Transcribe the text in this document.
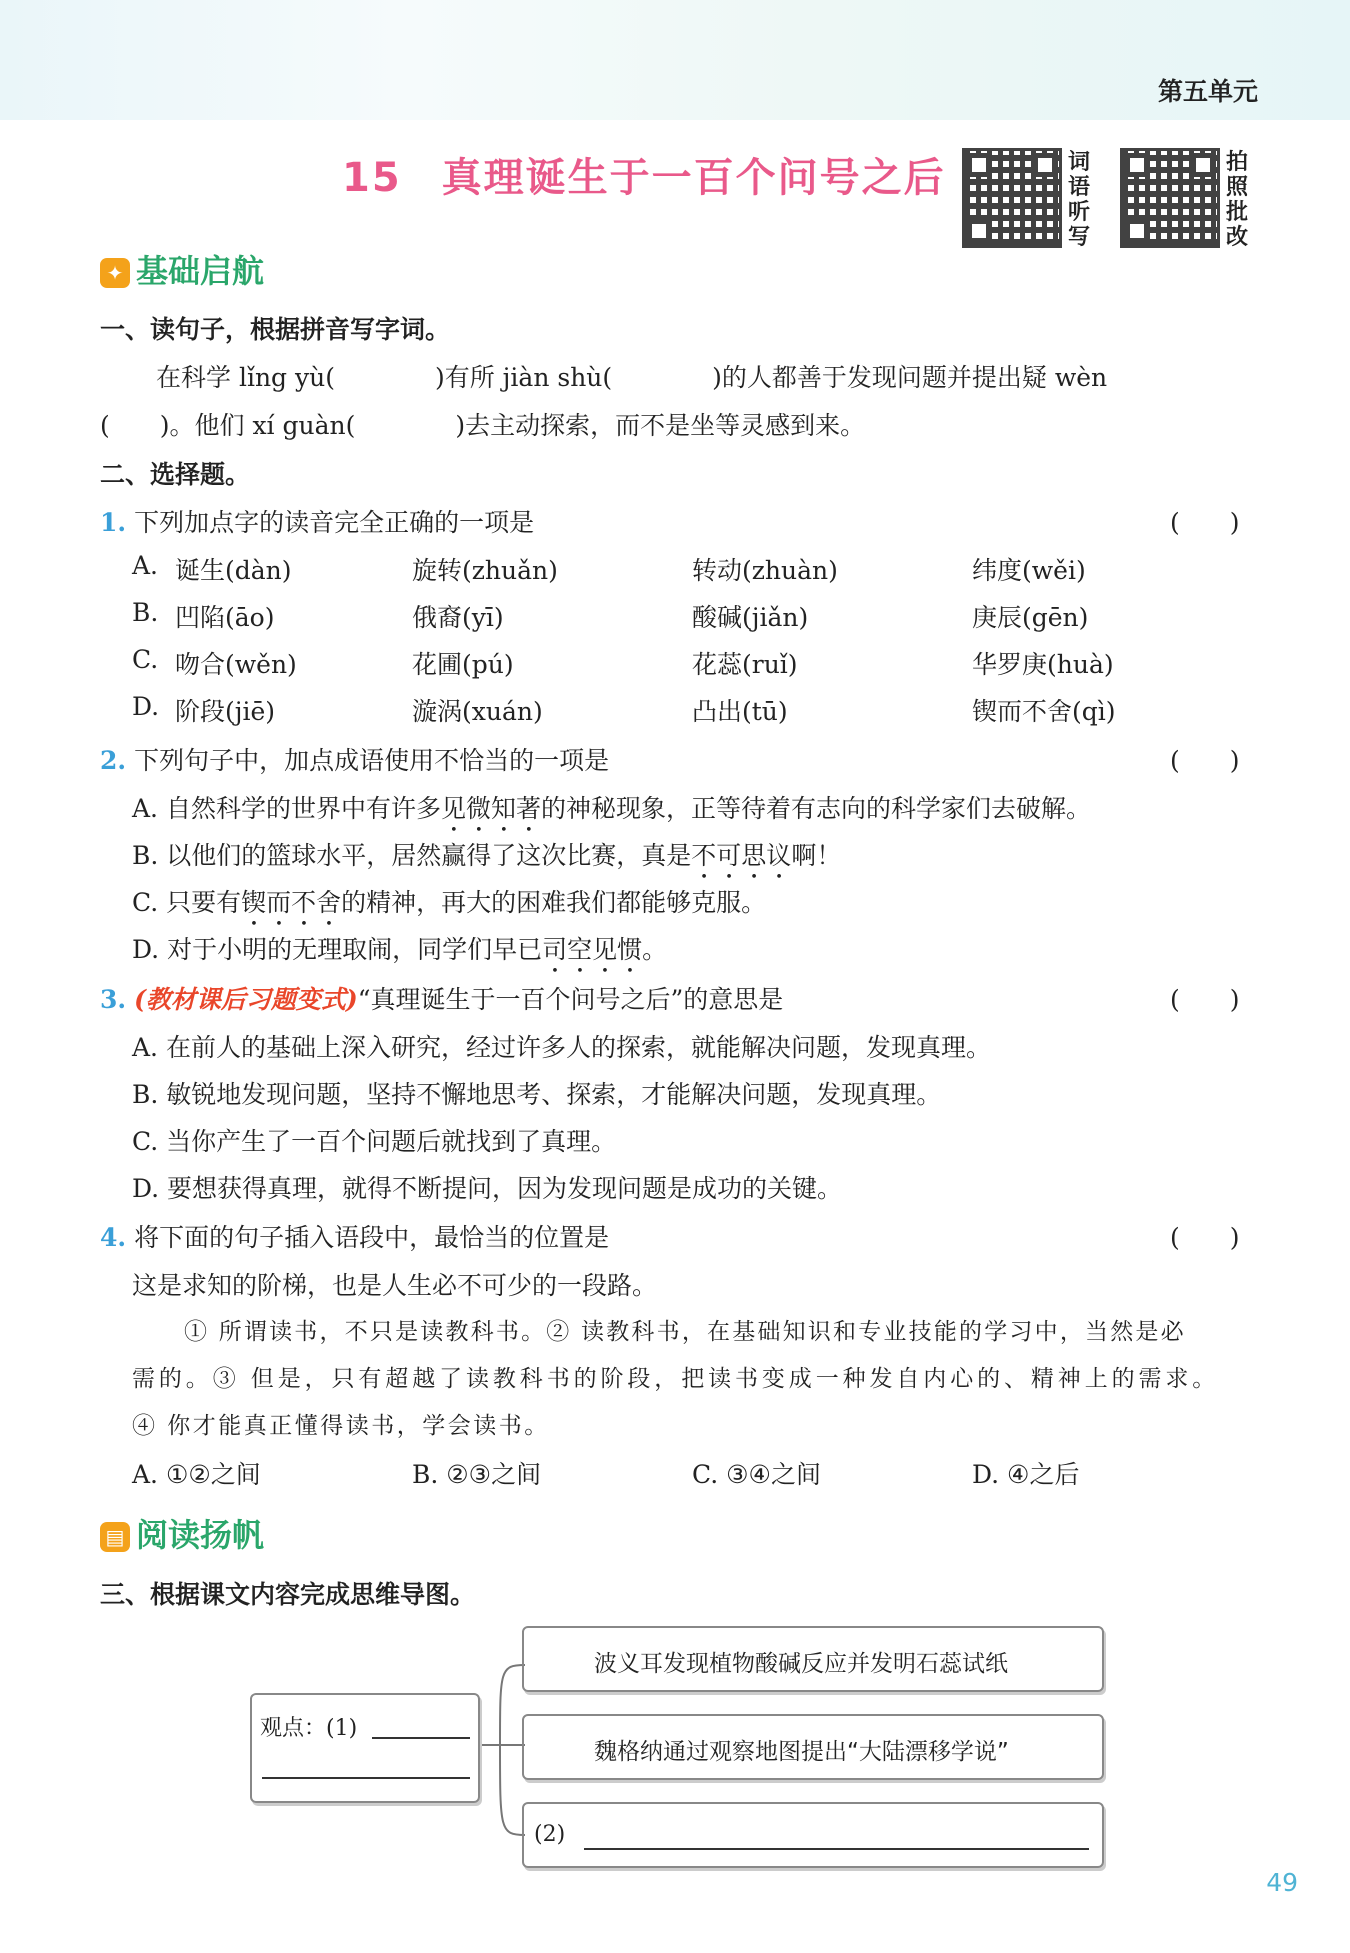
第五单元
15 真理诞生于一百个问号之后	词语听写
拍照批改
✦ 基础启航
一、读句子，根据拼音写字词。
在科学 lǐng yù(　　　　)有所 jiàn shù(　　　　)的人都善于发现问题并提出疑 wèn
(　　)。他们 xí guàn(　　　　)去主动探索，而不是坐等灵感到来。
二、选择题。
1. 下列加点字的读音完全正确的一项是	(　　)
A. 诞生(dàn)	旋转(zhuǎn)	转动(zhuàn)	纬度(wěi)
B. 凹陷(āo)	俄裔(yī)	酸碱(jiǎn)	庚辰(gēn)
C. 吻合(wěn)	花圃(pú)	花蕊(ruǐ)	华罗庚(huà)
D. 阶段(jiē)	漩涡(xuán)	凸出(tū)	锲而不舍(qì)
2. 下列句子中，加点成语使用不恰当的一项是	(　　)
A. 自然科学的世界中有许多见微知著的神秘现象，正等待着有志向的科学家们去破解。
B. 以他们的篮球水平，居然赢得了这次比赛，真是不可思议啊！
C. 只要有锲而不舍的精神，再大的困难我们都能够克服。
D. 对于小明的无理取闹，同学们早已司空见惯。
3. (教材课后习题变式)“真理诞生于一百个问号之后”的意思是	(　　)
A. 在前人的基础上深入研究，经过许多人的探索，就能解决问题，发现真理。
B. 敏锐地发现问题，坚持不懈地思考、探索，才能解决问题，发现真理。
C. 当你产生了一百个问题后就找到了真理。
D. 要想获得真理，就得不断提问，因为发现问题是成功的关键。
4. 将下面的句子插入语段中，最恰当的位置是	(　　)
这是求知的阶梯，也是人生必不可少的一段路。
① 所谓读书，不只是读教科书。② 读教科书，在基础知识和专业技能的学习中，当然是必
需的。③ 但是，只有超越了读教科书的阶段，把读书变成一种发自内心的、精神上的需求。
④ 你才能真正懂得读书，学会读书。
A. ①②之间	B. ②③之间	C. ③④之间	D. ④之后
▤ 阅读扬帆
三、根据课文内容完成思维导图。
观点：(1)
波义耳发现植物酸碱反应并发明石蕊试纸
魏格纳通过观察地图提出“大陆漂移学说”
(2)
49
